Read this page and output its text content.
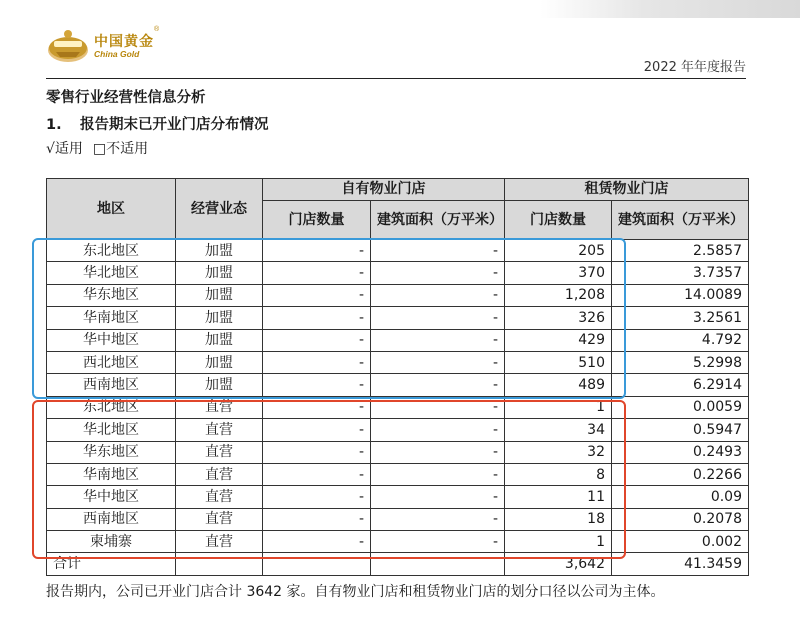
中国黄金
®
China Gold
2022 年年度报告
零售行业经营性信息分析
1. 报告期末已开业门店分布情况
√适用 □不适用
地区	经营业态	自有物业门店		租赁物业门店	
		门店数量	建筑面积（万平米）	门店数量	建筑面积（万平米）
东北地区	加盟	-	-	205	2.5857
华北地区	加盟	-	-	370	3.7357
华东地区	加盟	-	-	1,208	14.0089
华南地区	加盟	-	-	326	3.2561
华中地区	加盟	-	-	429	4.792
西北地区	加盟	-	-	510	5.2998
西南地区	加盟	-	-	489	6.2914
东北地区	直营	-	-	1	0.0059
华北地区	直营	-	-	34	0.5947
华东地区	直营	-	-	32	0.2493
华南地区	直营	-	-	8	0.2266
华中地区	直营	-	-	11	0.09
西南地区	直营	-	-	18	0.2078
柬埔寨	直营	-	-	1	0.002
合计				3,642	41.3459
报告期内，公司已开业门店合计 3642 家。自有物业门店和租赁物业门店的划分口径以公司为主体。
